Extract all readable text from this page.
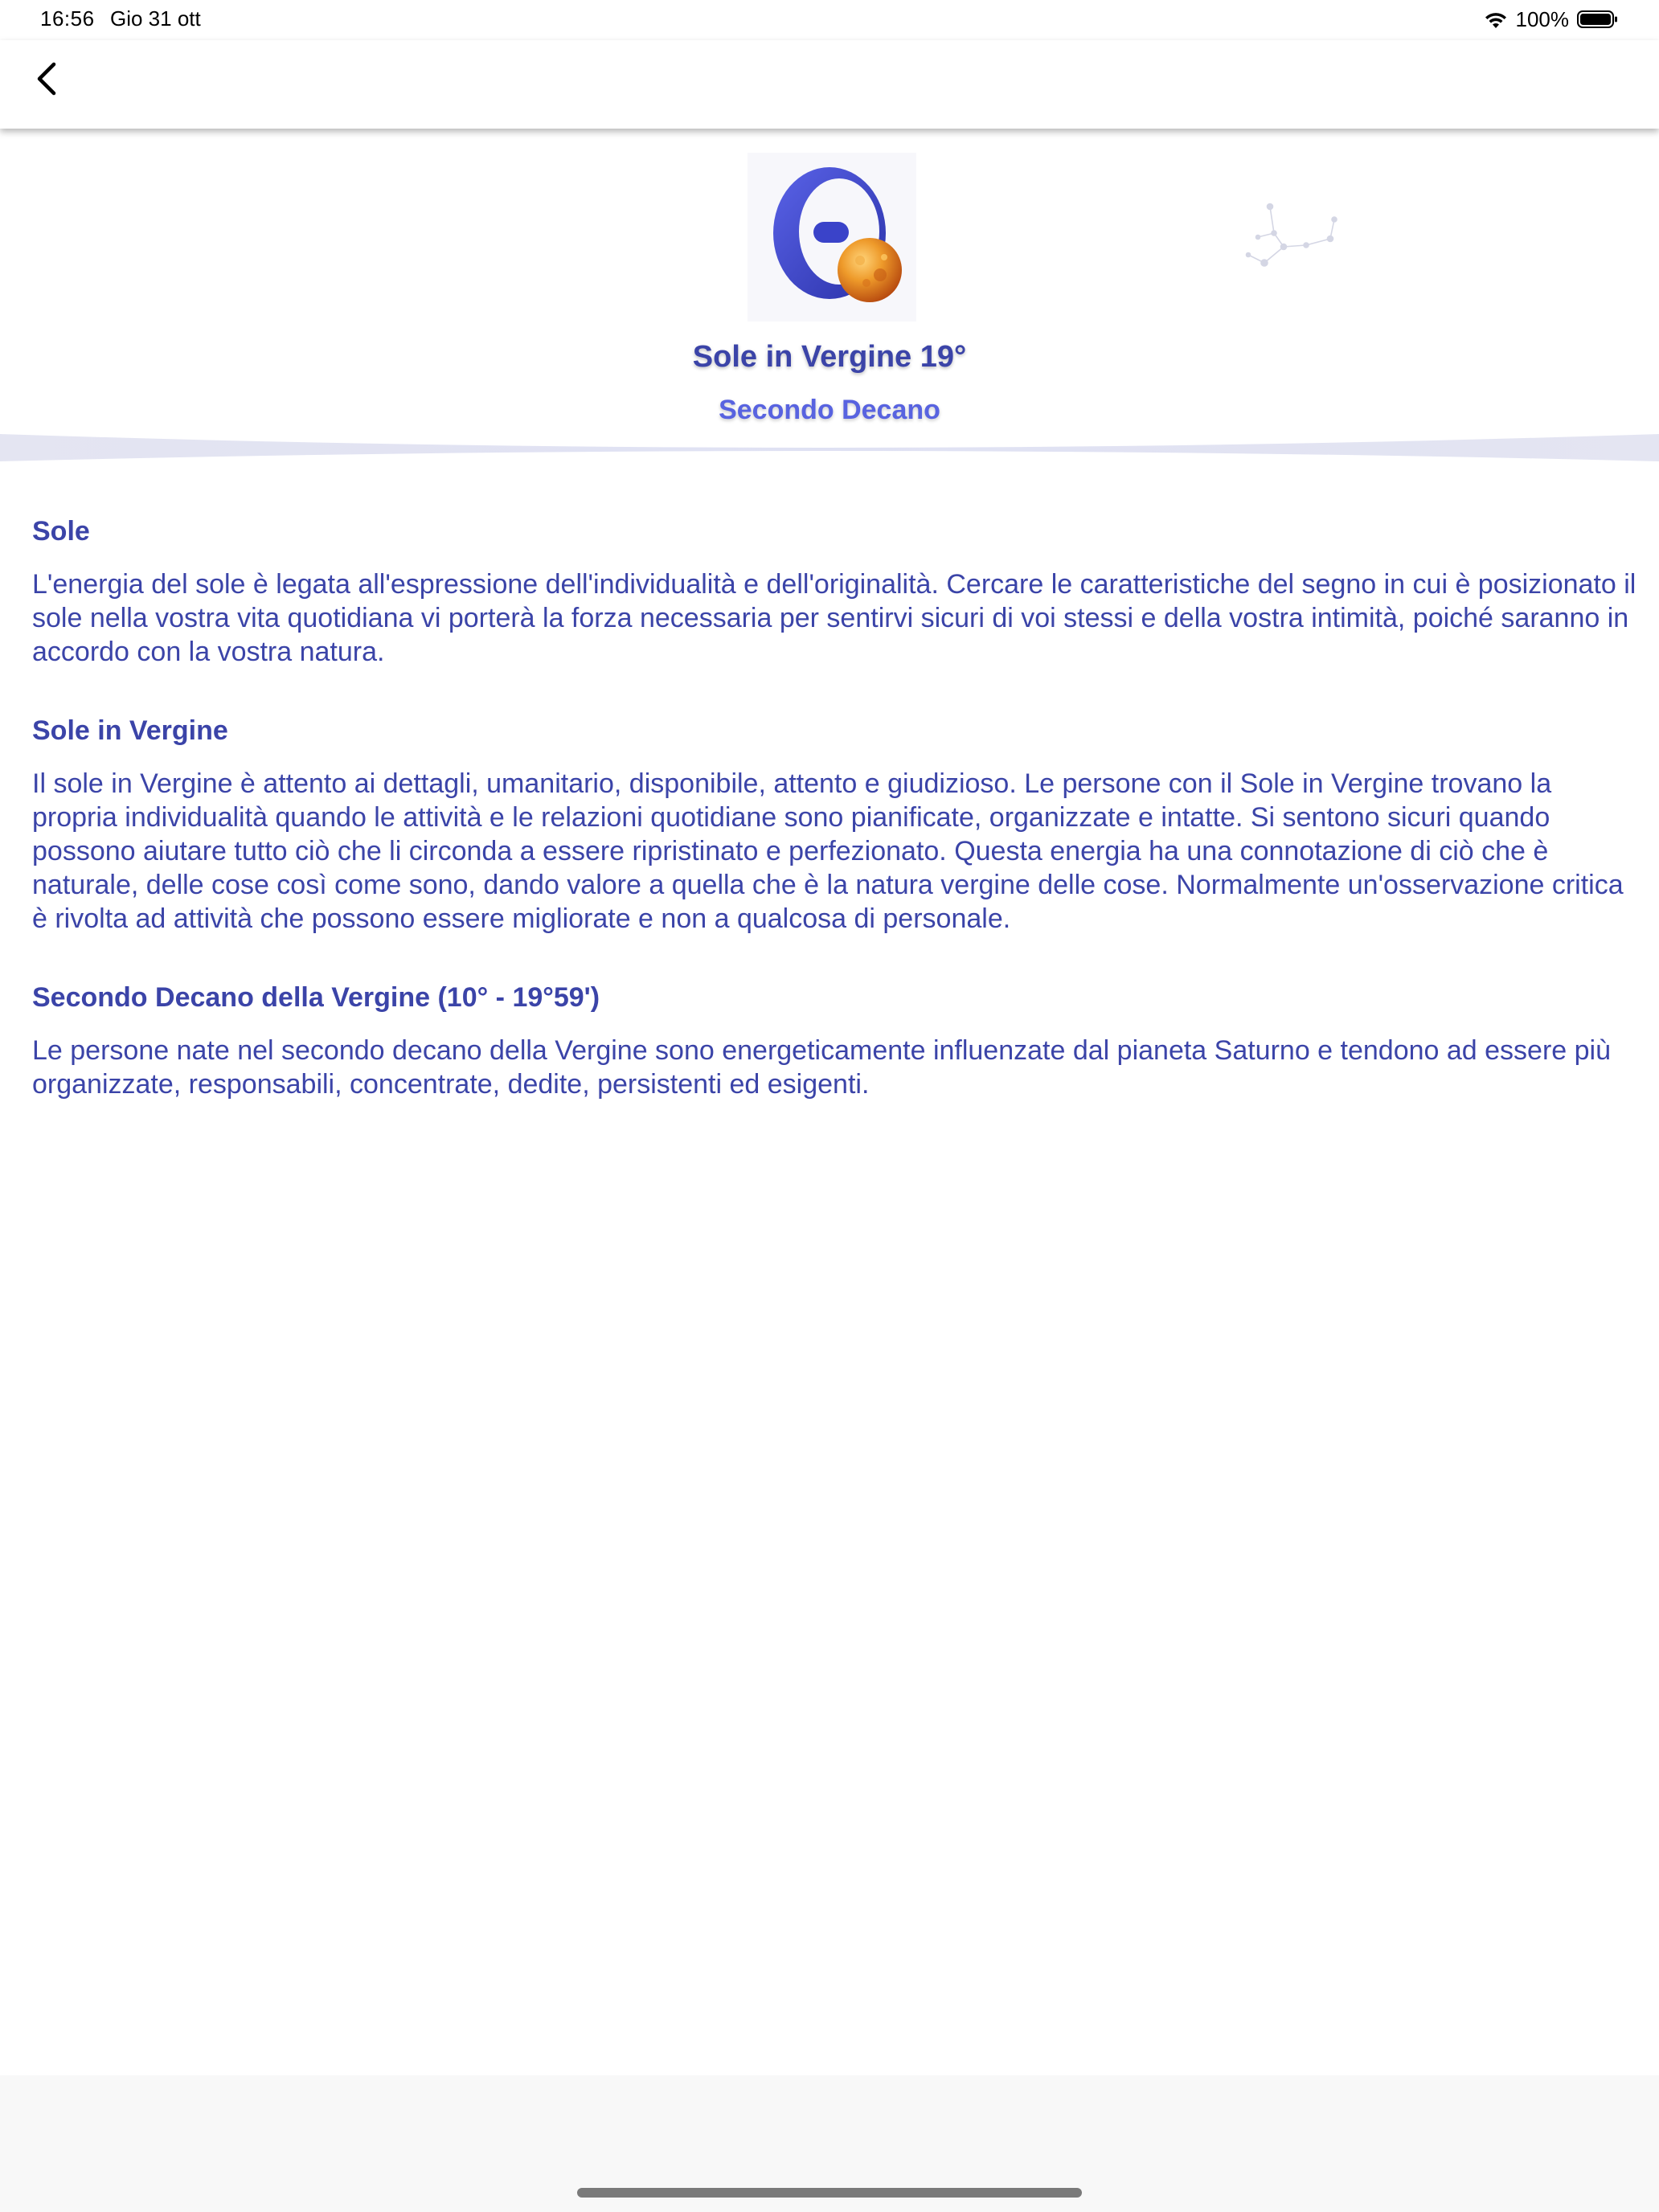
16:56 Gio 31 ott	100%
Sole in Vergine 19°
Secondo Decano
Sole

L'energia del sole è legata all'espressione dell'individualità e dell'originalità. Cercare le caratteristiche del segno in cui è posizionato il sole nella vostra vita quotidiana vi porterà la forza necessaria per sentirvi sicuri di voi stessi e della vostra intimità, poiché saranno in accordo con la vostra natura.

Sole in Vergine

Il sole in Vergine è attento ai dettagli, umanitario, disponibile, attento e giudizioso. Le persone con il Sole in Vergine trovano la propria individualità quando le attività e le relazioni quotidiane sono pianificate, organizzate e intatte. Si sentono sicuri quando possono aiutare tutto ciò che li circonda a essere ripristinato e perfezionato. Questa energia ha una connotazione di ciò che è naturale, delle cose così come sono, dando valore a quella che è la natura vergine delle cose. Normalmente un'osservazione critica è rivolta ad attività che possono essere migliorate e non a qualcosa di personale.

Secondo Decano della Vergine (10° - 19°59')

Le persone nate nel secondo decano della Vergine sono energeticamente influenzate dal pianeta Saturno e tendono ad essere più organizzate, responsabili, concentrate, dedite, persistenti ed esigenti.
